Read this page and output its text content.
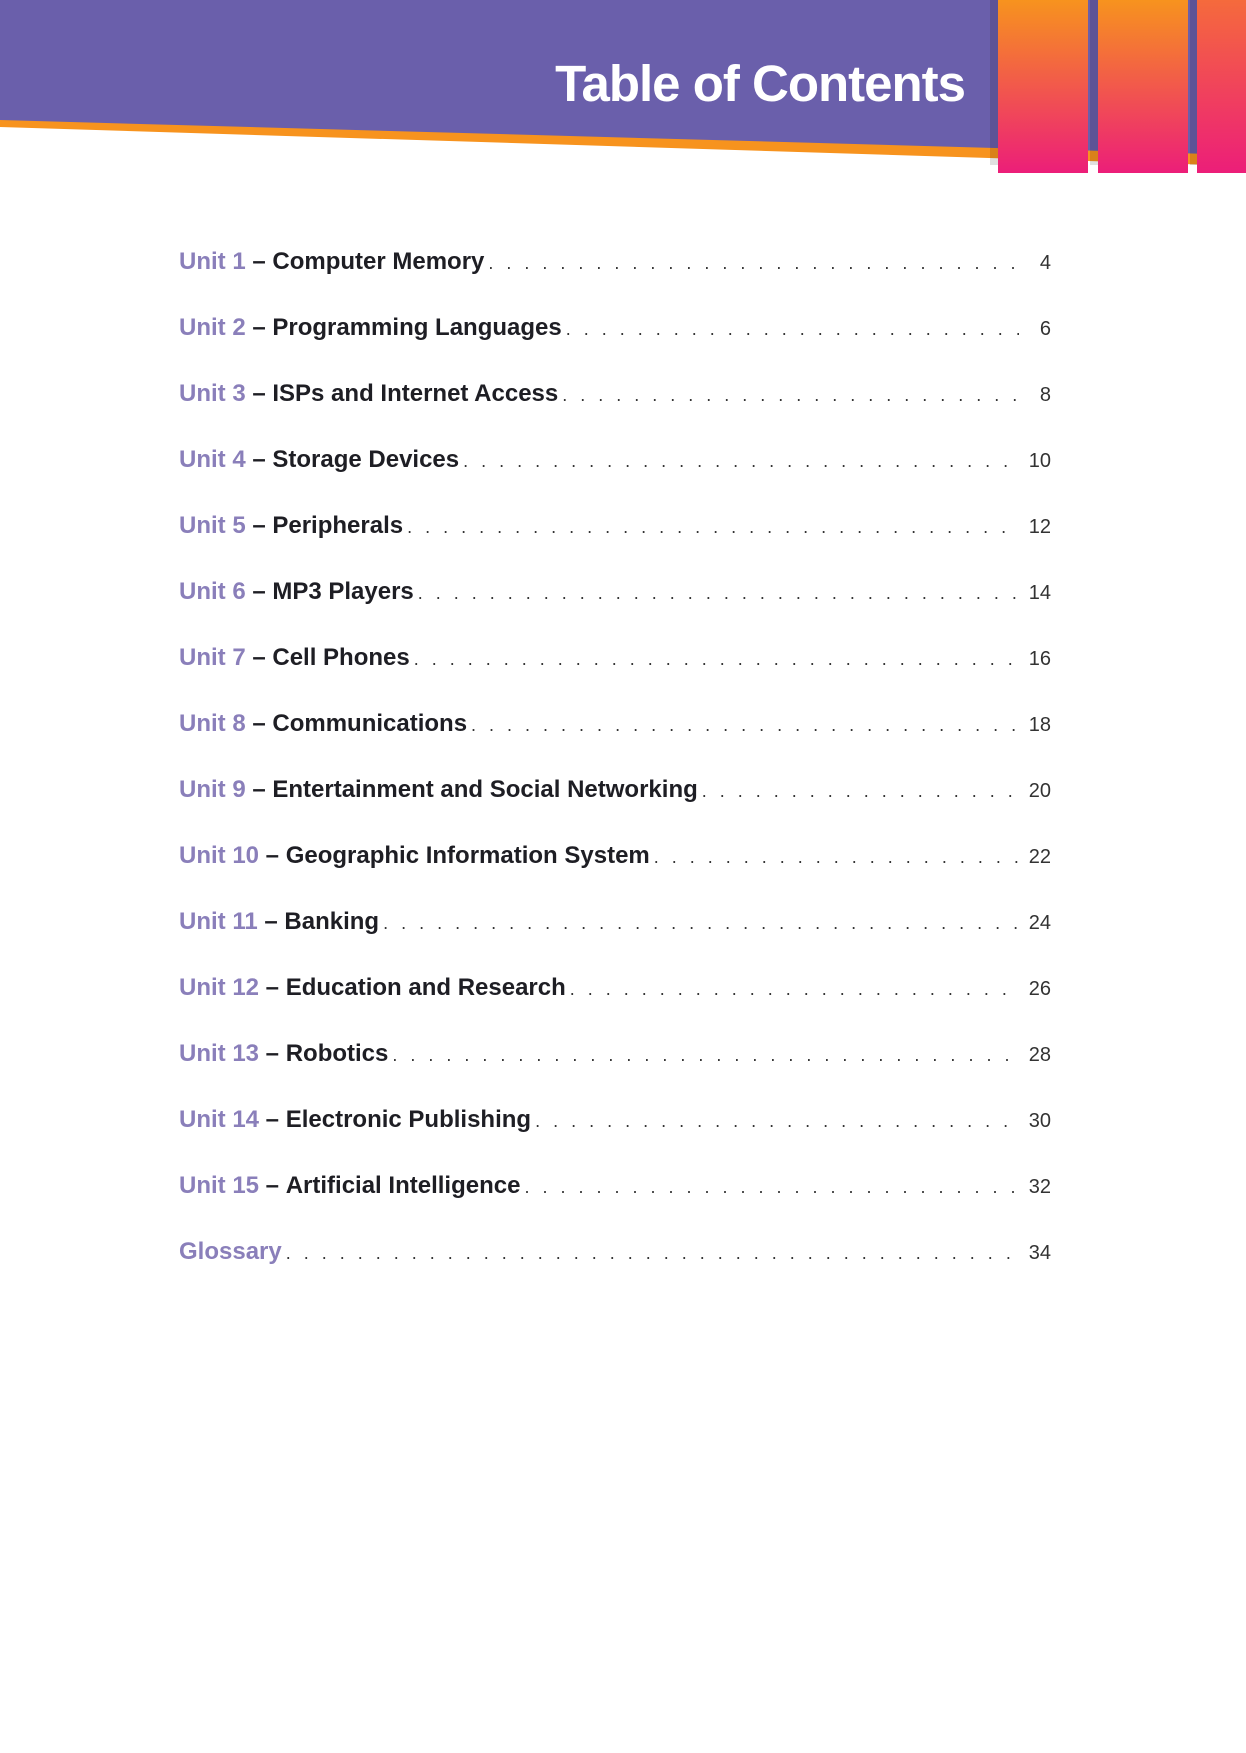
Table of Contents
Unit 1 – Computer Memory . . .	4
Unit 2 – Programming Languages . . .	6
Unit 3 – ISPs and Internet Access . . .	8
Unit 4 – Storage Devices . . .	10
Unit 5 – Peripherals . . .	12
Unit 6 – MP3 Players . . .	14
Unit 7 – Cell Phones . . .	16
Unit 8 – Communications . . .	18
Unit 9 – Entertainment and Social Networking . . .	20
Unit 10 – Geographic Information System . . .	22
Unit 11 – Banking . . .	24
Unit 12 – Education and Research . . .	26
Unit 13 – Robotics . . .	28
Unit 14 – Electronic Publishing . . .	30
Unit 15 – Artificial Intelligence . . .	32
Glossary . . .	34
